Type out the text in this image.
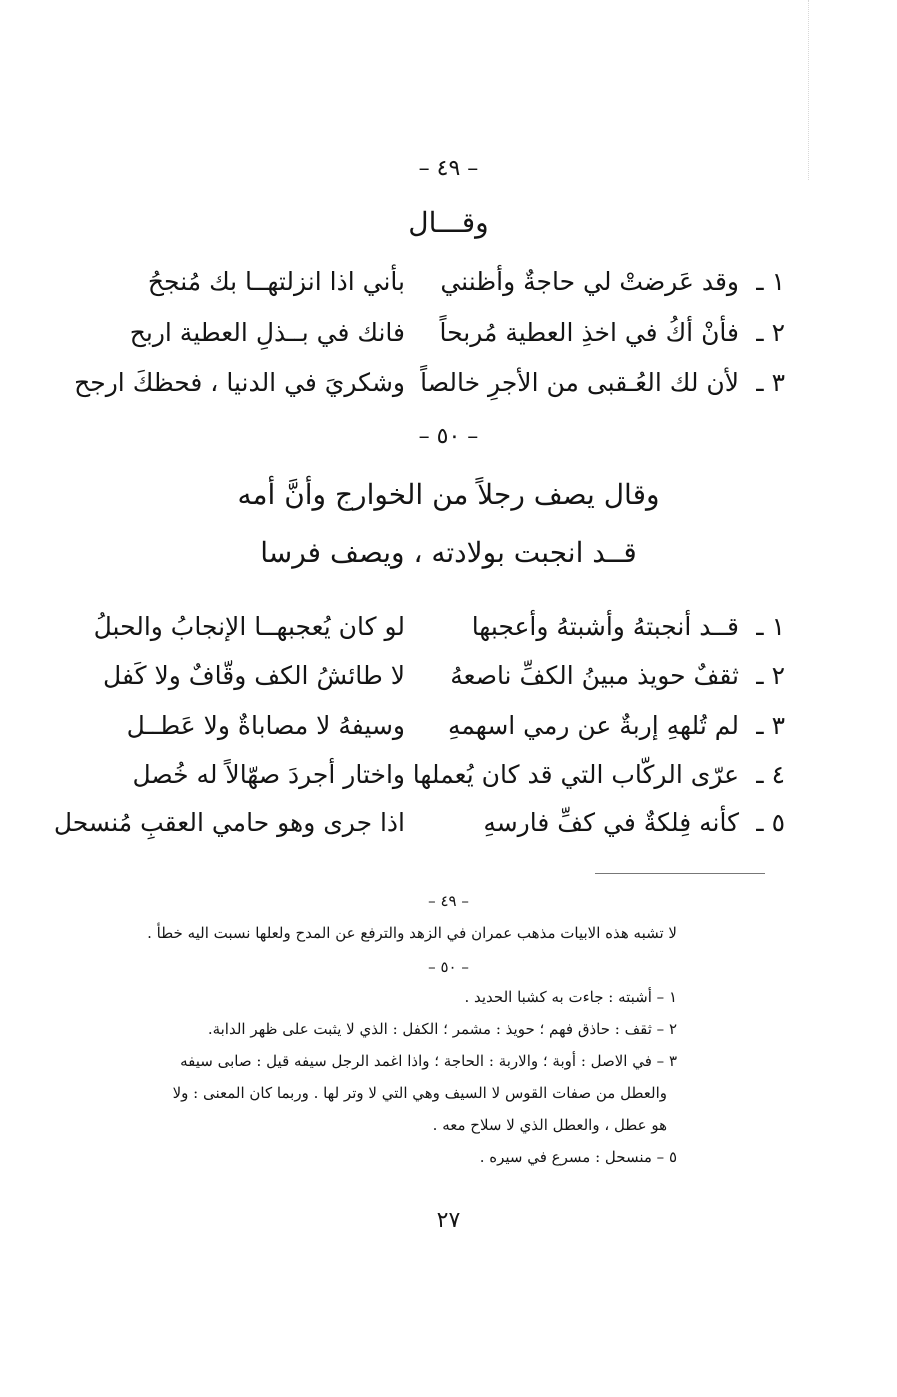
– ٤٩ –
وقـــال
١ ـ
وقد عَرضتْ لي حاجةٌ وأظنني
بأني اذا انزلتهــا بك مُنجحُ
٢ ـ
فأنْ أكُ في اخذِ العطية مُربحاً
فانك في بــذلِ العطية اربح
٣ ـ
لأن لك العُـقبى من الأجرِ خالصاً
وشكريَ في الدنيا ، فحظكَ ارجح
– ٥٠ –
وقال يصف رجلاً من الخوارج وأنَّ أمه
قــد انجبت بولادته ، ويصف فرسا
١ ـ
قــد أنجبتهُ وأشبتهُ وأعجبها
لو كان يُعجبهــا الإنجابُ والحبلُ
٢ ـ
ثقفٌ حويذ مبينُ الكفِّ ناصعهُ
لا طائشُ الكف وقّافٌ ولا كَفل
٣ ـ
لم تُلههِ إربةٌ عن رمي اسهمهِ
وسيفهُ لا مصاباةٌ ولا عَطــل
٤ ـ
عرّى الركّاب التي قد كان يُعملها
واختار أجردَ صهّالاً له خُصل
٥ ـ
كأنه فِلكةٌ في كفِّ فارسهِ
اذا جرى وهو حامي العقبِ مُنسحل
– ٤٩ –
لا تشبه هذه الابيات مذهب عمران في الزهد والترفع عن المدح ولعلها نسبت اليه خطأ .
– ٥٠ –
١ – أشبته : جاءت به كشبا الحديد .
٢ – ثقف : حاذق فهم ؛ حويذ : مشمر ؛ الكفل : الذي لا يثبت على ظهر الدابة.
٣ – في الاصل : أوبة ؛ والاربة : الحاجة ؛ واذا اغمد الرجل سيفه قيل : صابى سيفه
والعطل من صفات القوس لا السيف وهي التي لا وتر لها . وربما كان المعنى : ولا
هو عطل ، والعطل الذي لا سلاح معه .
٥ – منسحل : مسرع في سيره .
٢٧
